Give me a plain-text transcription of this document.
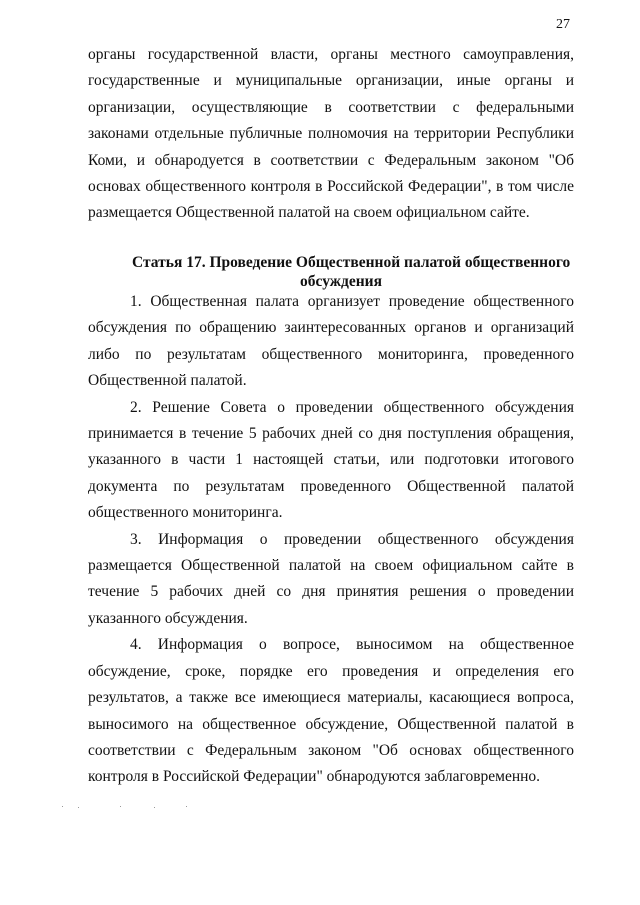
27

органы государственной власти, органы местного самоуправления, государственные и муниципальные организации, иные органы и организации, осуществляющие в соответствии с федеральными законами отдельные публичные полномочия на территории Республики Коми, и обнародуется в соответствии с Федеральным законом "Об основах общественного контроля в Российской Федерации", в том числе размещается Общественной палатой на своем официальном сайте.

Статья 17. Проведение Общественной палатой общественного
обсуждения

1. Общественная палата организует проведение общественного обсуждения по обращению заинтересованных органов и организаций либо по результатам общественного мониторинга, проведенного Общественной палатой.

2. Решение Совета о проведении общественного обсуждения принимается в течение 5 рабочих дней со дня поступления обращения, указанного в части 1 настоящей статьи, или подготовки итогового документа по результатам проведенного Общественной палатой общественного мониторинга.

3. Информация о проведении общественного обсуждения размещается Общественной палатой на своем официальном сайте в течение 5 рабочих дней со дня принятия решения о проведении указанного обсуждения.

4. Информация о вопросе, выносимом на общественное обсуждение, сроке, порядке его проведения и определения его результатов, а также все имеющиеся материалы, касающиеся вопроса, выносимого на общественное обсуждение, Общественной палатой в соответствии с Федеральным законом "Об основах общественного контроля в Российской Федерации" обнародуются заблаговременно.
